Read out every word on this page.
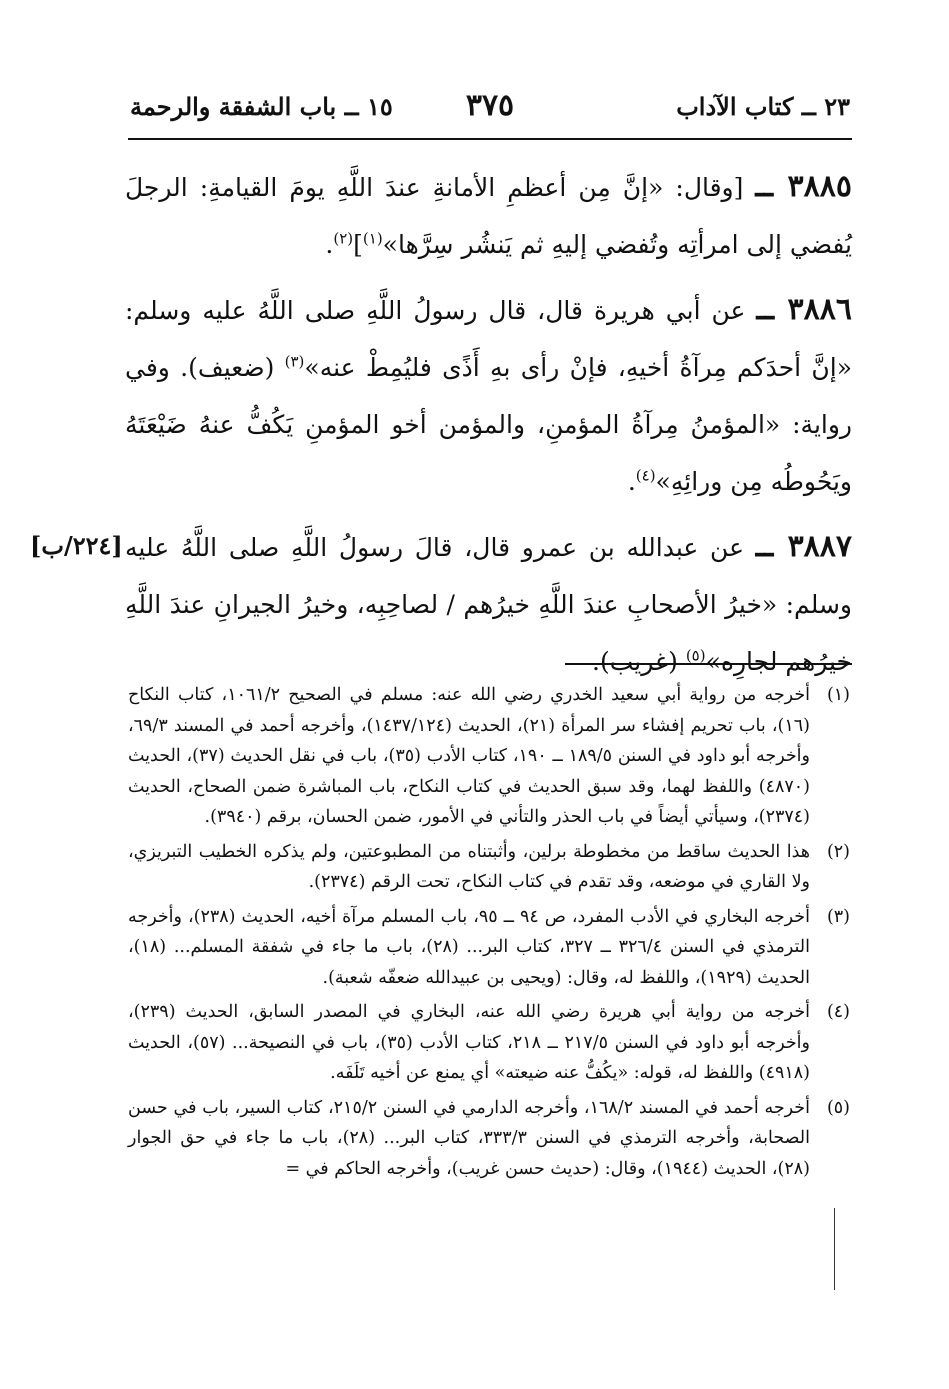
٢٣ ــ كتاب الآداب
٣٧٥
١٥ ــ باب الشفقة والرحمة

٣٨٨٥ ــ [وقال: «إنَّ مِن أعظمِ الأمانةِ عندَ اللَّهِ يومَ القيامةِ: الرجلَ يُفضي إلى امرأتِه وتُفضي إليهِ ثم يَنشُر سِرَّها»$^{(١)}$]$^{(٢)}$.

٣٨٨٦ ــ عن أبي هريرة قال، قال رسولُ اللَّهِ صلى اللَّهُ عليه وسلم: «إنَّ أحدَكم مِرآةُ أخيهِ، فإنْ رأى بهِ أَذًى فليُمِطْ عنه»$^{(٣)}$ (ضعيف). وفي رواية: «المؤمنُ مِرآةُ المؤمنِ، والمؤمن أخو المؤمنِ يَكُفُّ عنهُ ضَيْعَتَهُ ويَحُوطُه مِن ورائِهِ»$^{(٤)}$.

٣٨٨٧ ــ عن عبدالله بن عمرو قال، قالَ رسولُ اللَّهِ صلى اللَّهُ عليه وسلم: «خيرُ الأصحابِ عندَ اللَّهِ خيرُهم / لصاحِبِه، وخيرُ الجيرانِ عندَ اللَّهِ خيرُهم لجارِه»$^{(٥)}$ (غريب).

[٢٢٤/ب]
(١)
أخرجه من رواية أبي سعيد الخدري رضي الله عنه: مسلم في الصحيح ١٠٦١/٢، كتاب النكاح (١٦)، باب تحريم إفشاء سر المرأة (٢١)، الحديث (١٤٣٧/١٢٤)، وأخرجه أحمد في المسند ٦٩/٣، وأخرجه أبو داود في السنن ١٨٩/٥ ــ ١٩٠، كتاب الأدب (٣٥)، باب في نقل الحديث (٣٧)، الحديث (٤٨٧٠) واللفظ لهما، وقد سبق الحديث في كتاب النكاح، باب المباشرة ضمن الصحاح، الحديث (٢٣٧٤)، وسيأتي أيضاً في باب الحذر والتأني في الأمور، ضمن الحسان، برقم (٣٩٤٠).
(٢)
هذا الحديث ساقط من مخطوطة برلين، وأثبتناه من المطبوعتين، ولم يذكره الخطيب التبريزي، ولا القاري في موضعه، وقد تقدم في كتاب النكاح، تحت الرقم (٢٣٧٤).
(٣)
أخرجه البخاري في الأدب المفرد، ص ٩٤ ــ ٩٥، باب المسلم مرآة أخيه، الحديث (٢٣٨)، وأخرجه الترمذي في السنن ٣٢٦/٤ ــ ٣٢٧، كتاب البر... (٢٨)، باب ما جاء في شفقة المسلم... (١٨)، الحديث (١٩٢٩)، واللفظ له، وقال: (ويحيى بن عبيدالله ضعفّه شعبة).
(٤)
أخرجه من رواية أبي هريرة رضي الله عنه، البخاري في المصدر السابق، الحديث (٢٣٩)، وأخرجه أبو داود في السنن ٢١٧/٥ ــ ٢١٨، كتاب الأدب (٣٥)، باب في النصيحة... (٥٧)، الحديث (٤٩١٨) واللفظ له، قوله: «يكُفُّ عنه ضيعته» أي يمنع عن أخيه تَلَفَه.
(٥)
أخرجه أحمد في المسند ١٦٨/٢، وأخرجه الدارمي في السنن ٢١٥/٢، كتاب السير، باب في حسن الصحابة، وأخرجه الترمذي في السنن ٣٣٣/٣، كتاب البر... (٢٨)، باب ما جاء في حق الجوار (٢٨)، الحديث (١٩٤٤)، وقال: (حديث حسن غريب)، وأخرجه الحاكم في =
